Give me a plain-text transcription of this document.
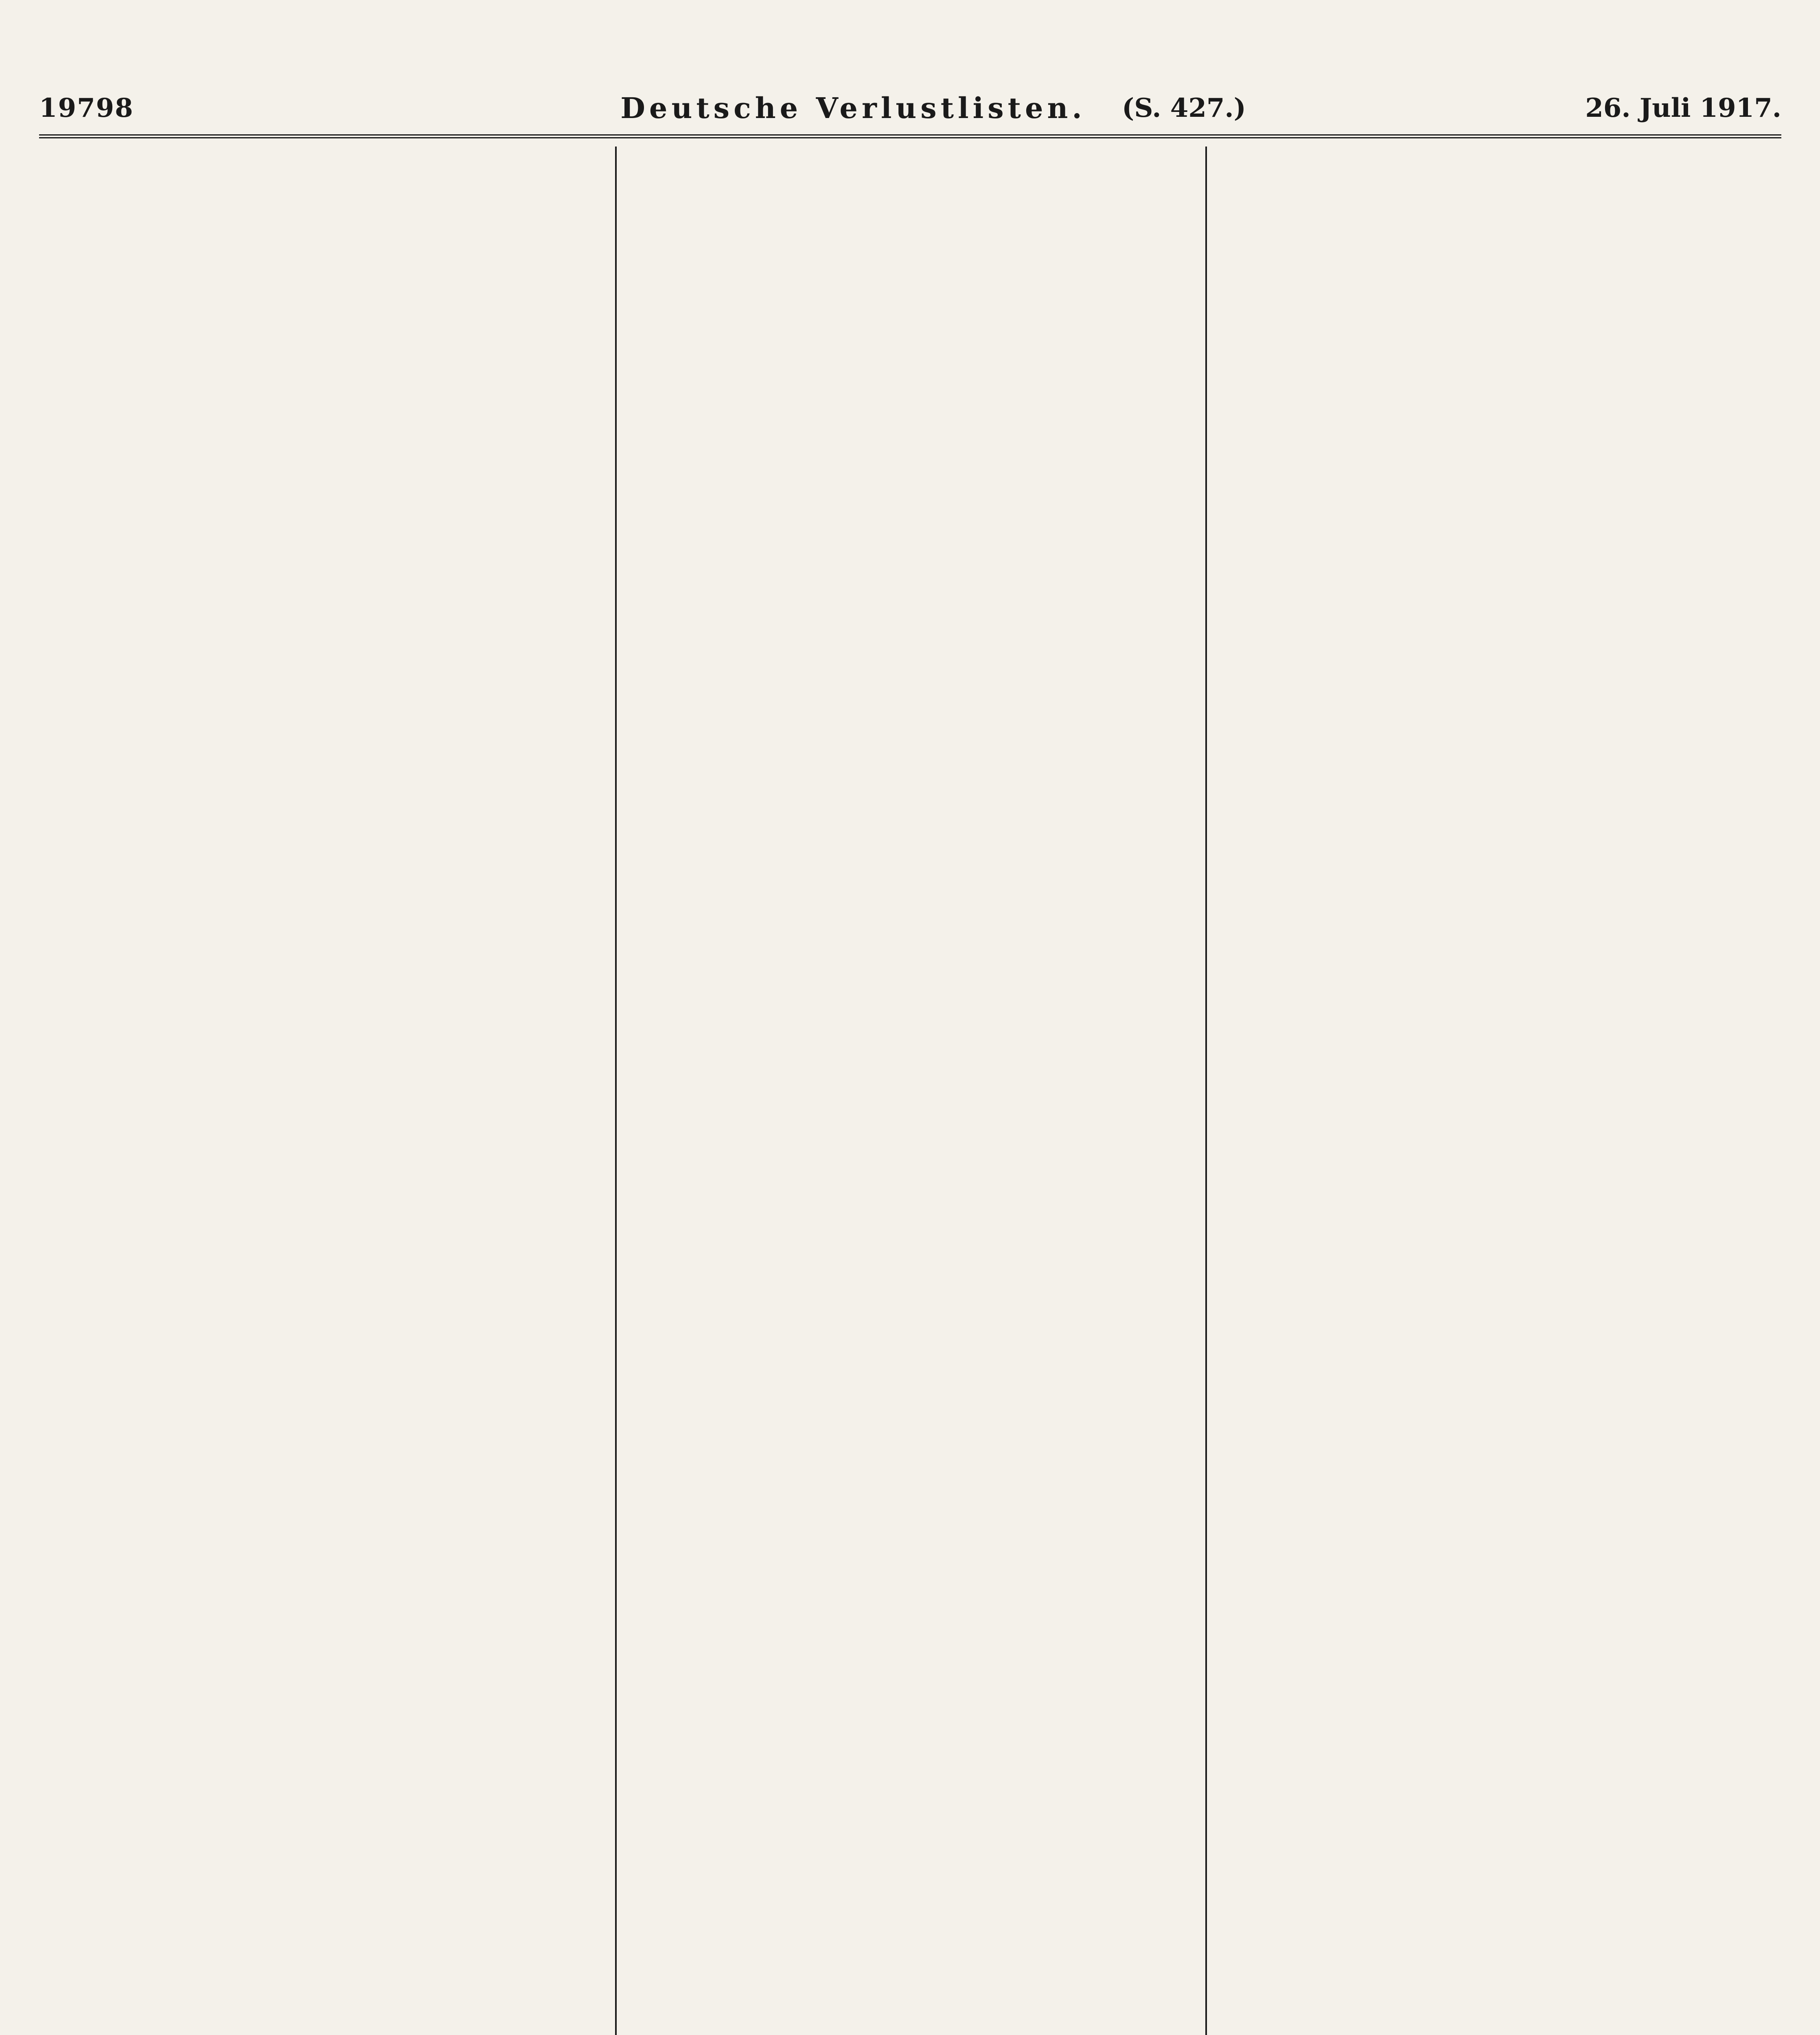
19798	Deutsche Verlustlisten.	(S. 427.)	26. Juli 1917.
